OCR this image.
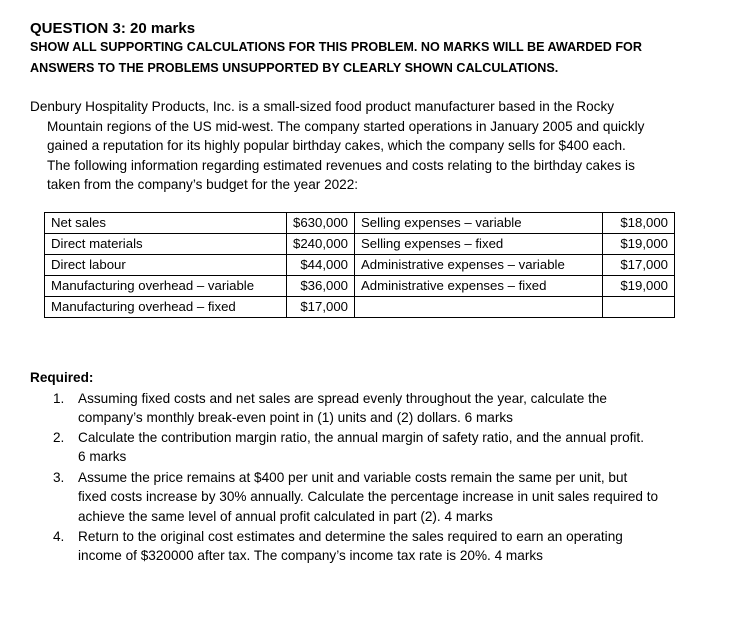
QUESTION 3: 20 marks
SHOW ALL SUPPORTING CALCULATIONS FOR THIS PROBLEM. NO MARKS WILL BE AWARDED FOR
ANSWERS TO THE PROBLEMS UNSUPPORTED BY CLEARLY SHOWN CALCULATIONS.
Denbury Hospitality Products, Inc. is a small-sized food product manufacturer based in the Rocky
Mountain regions of the US mid-west. The company started operations in January 2005 and quickly
gained a reputation for its highly popular birthday cakes, which the company sells for $400 each.
The following information regarding estimated revenues and costs relating to the birthday cakes is
taken from the company’s budget for the year 2022:
Net sales	$630,000	Selling expenses – variable	$18,000
Direct materials	$240,000	Selling expenses – fixed	$19,000
Direct labour	$44,000	Administrative expenses – variable	$17,000
Manufacturing overhead – variable	$36,000	Administrative expenses – fixed	$19,000
Manufacturing overhead – fixed	$17,000		
Required:
1. Assuming fixed costs and net sales are spread evenly throughout the year, calculate the
company’s monthly break-even point in (1) units and (2) dollars. 6 marks
2. Calculate the contribution margin ratio, the annual margin of safety ratio, and the annual profit.
6 marks
3. Assume the price remains at $400 per unit and variable costs remain the same per unit, but
fixed costs increase by 30% annually. Calculate the percentage increase in unit sales required to
achieve the same level of annual profit calculated in part (2). 4 marks
4. Return to the original cost estimates and determine the sales required to earn an operating
income of $320000 after tax. The company’s income tax rate is 20%. 4 marks
